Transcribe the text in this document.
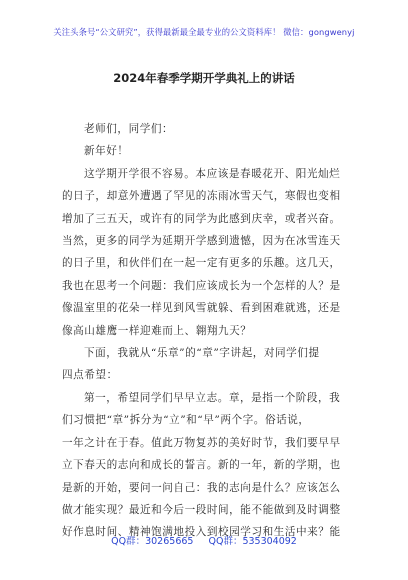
关注头条号“公文研究”，获得最新最全最专业的公文资料库！ 微信：gongwenyj
2024年春季学期开学典礼上的讲话

老师们，同学们：

新年好！

这学期开学很不容易。本应该是春暖花开、阳光灿烂

的日子，却意外遭遇了罕见的冻雨冰雪天气，寒假也变相

增加了三五天，或许有的同学为此感到庆幸，或者兴奋。

当然，更多的同学为延期开学感到遗憾，因为在冰雪连天

的日子里，和伙伴们在一起一定有更多的乐趣。这几天，

我也在思考一个问题：我们应该成长为一个怎样的人？是

像温室里的花朵一样见到风雪就躲、看到困难就逃，还是

像高山雄鹰一样迎难而上、翱翔九天？

下面，我就从“乐章”的“章”字讲起，对同学们提

四点希望：

第一，希望同学们早早立志。章，是指一个阶段，我

们习惯把“章”拆分为“立”和“早”两个字。俗话说，

一年之计在于春。值此万物复苏的美好时节，我们要早早

立下春天的志向和成长的誓言。新的一年，新的学期，也

是新的开始，要问一问自己：我的志向是什么？应该怎么

做才能实现？最近和今后一段时间，能不能做到及时调整

好作息时间、精神饱满地投入到校园学习和生活中来？能

QQ群：30265665 QQ群：535304092
